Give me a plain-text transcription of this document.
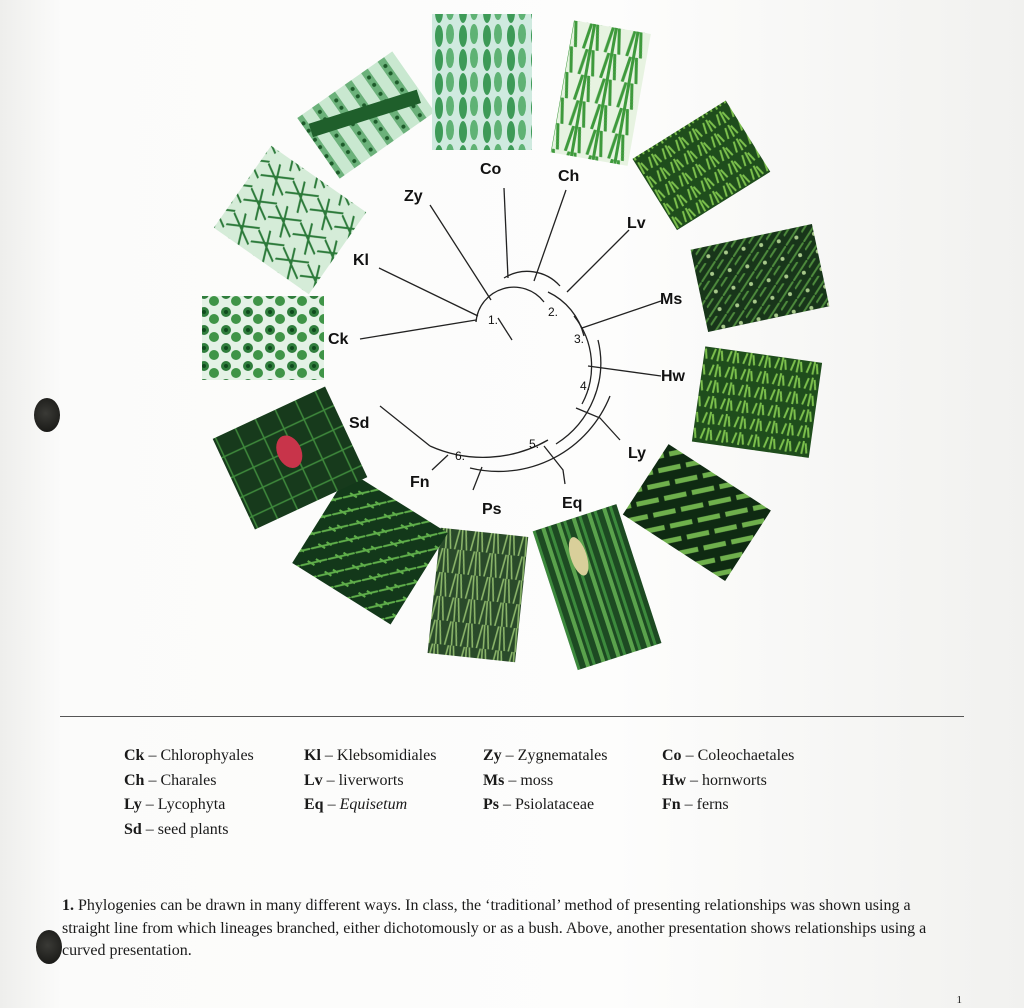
1.
2.
3.
4.
5.
6.
Ck
Kl
Zy
Co	Ch
Lv
Ms
Hw
Ly
Eq
Ps
Fn
Sd
Ck – Chlorophyales
Ch – Charales
Ly – Lycophyta
Sd – seed plants
Kl – Klebsomidiales
Lv – liverworts
Eq – Equisetum
Zy – Zygnematales
Ms – moss
Ps – Psiolataceae
Co – Coleochaetales
Hw – hornworts
Fn – ferns
1. Phylogenies can be drawn in many different ways. In class, the ‘traditional’ method of presenting relationships was shown using a straight line from which lineages branched, either dichotomously or as a bush. Above, another presentation shows relationships using a curved presentation.
1
